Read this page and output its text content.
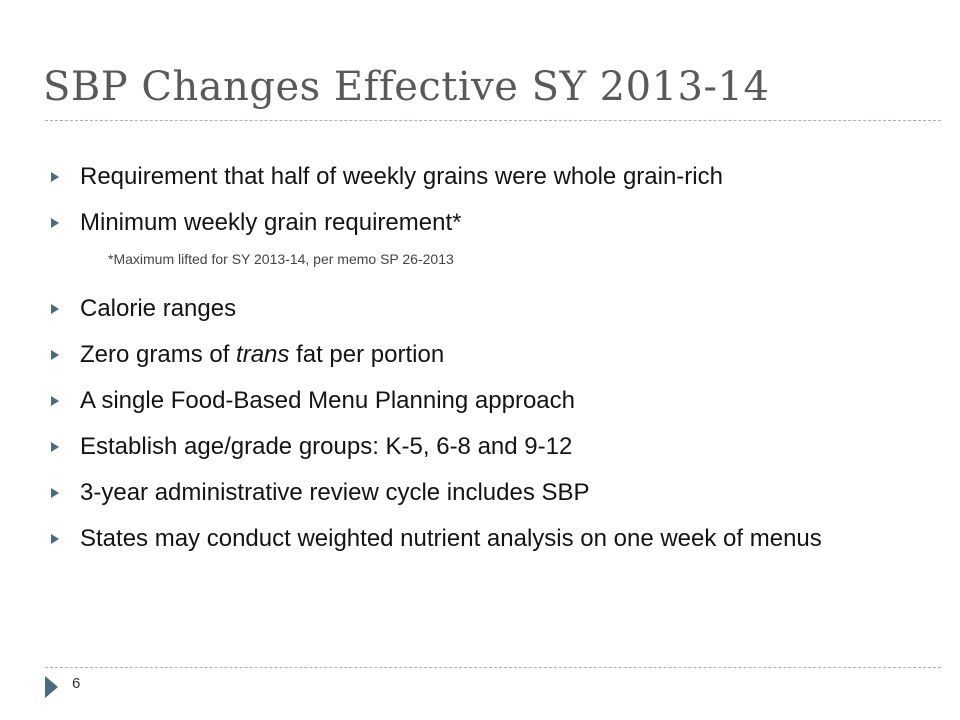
SBP Changes Effective SY 2013-14
Requirement that half of weekly grains were whole grain-rich
Minimum weekly grain requirement*
*Maximum lifted for SY 2013-14, per memo SP 26-2013
Calorie ranges
Zero grams of trans fat per portion
A single Food-Based Menu Planning approach
Establish age/grade groups: K-5, 6-8 and 9-12
3-year administrative review cycle includes SBP
States may conduct weighted nutrient analysis on one week of menus
6
